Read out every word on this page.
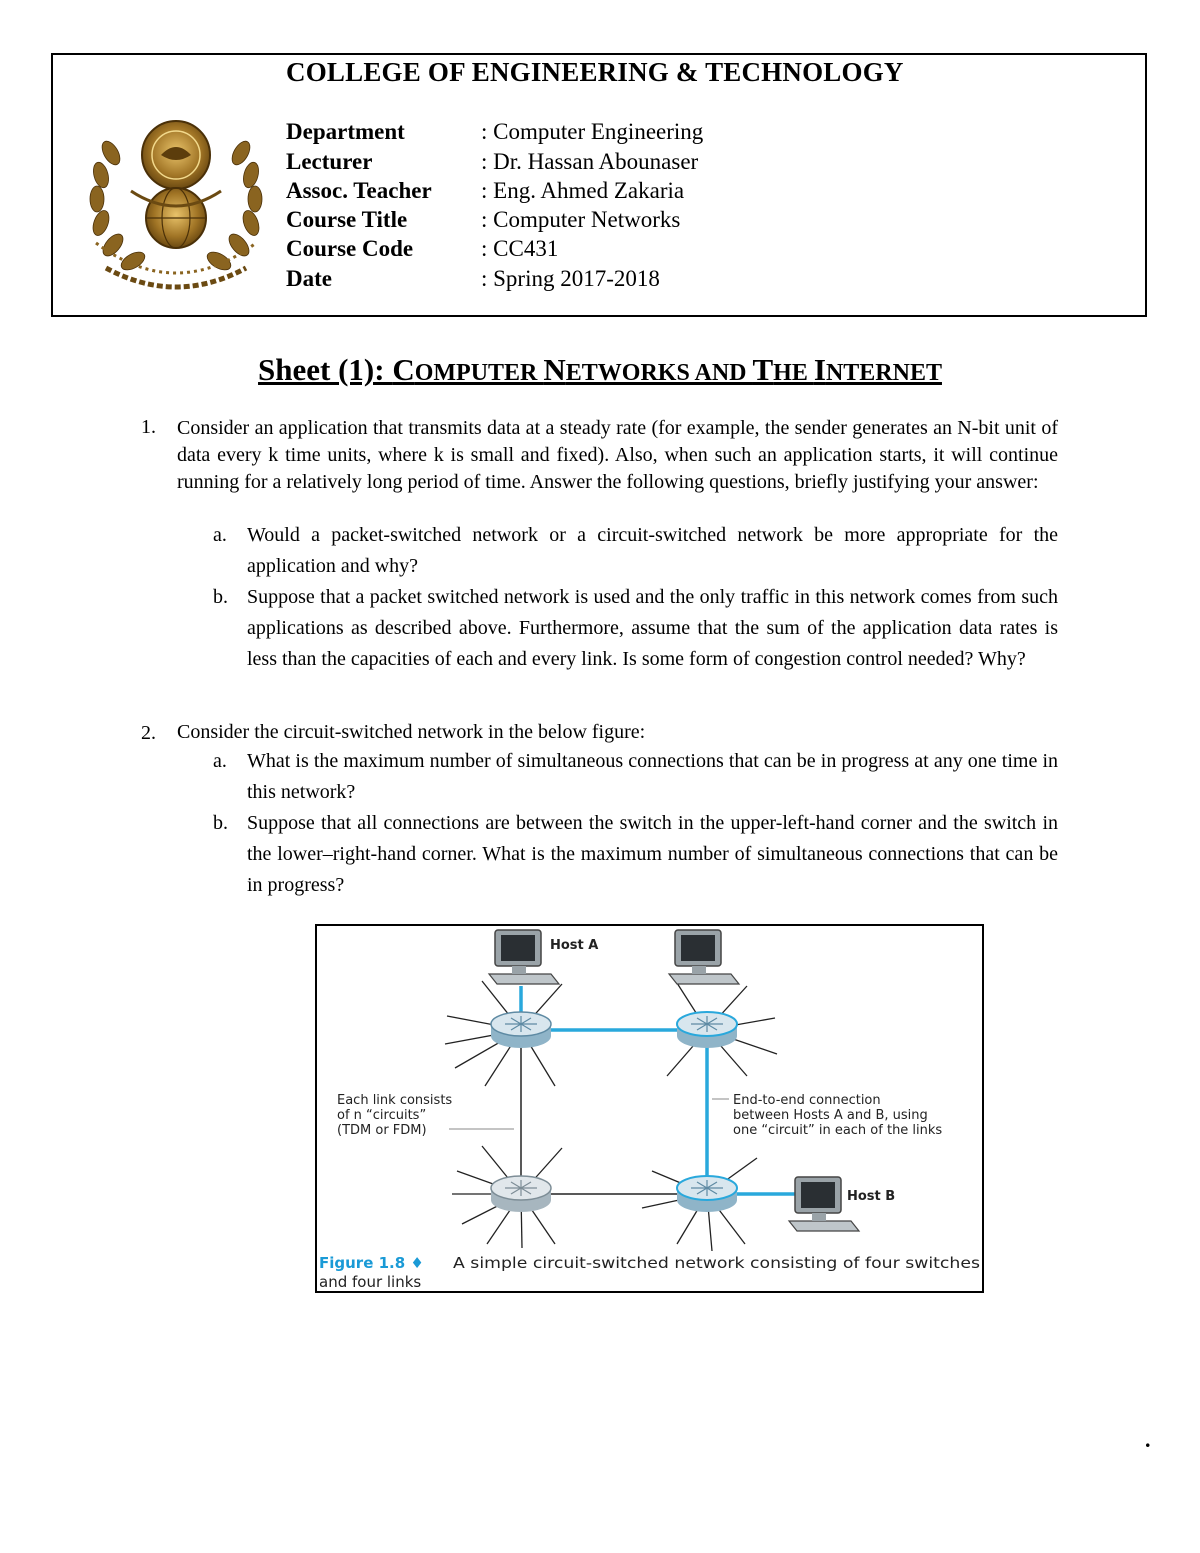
COLLEGE OF ENGINEERING & TECHNOLOGY
Department	: Computer Engineering
Lecturer	: Dr. Hassan Abounaser
Assoc. Teacher : Eng. Ahmed Zakaria
Course Title	: Computer Networks
Course Code	: CC431
Date	: Spring 2017-2018
Sheet (1): COMPUTER NETWORKS AND THE INTERNET
1. Consider an application that transmits data at a steady rate (for example, the sender generates an N-bit unit of data every k time units, where k is small and fixed). Also, when such an application starts, it will continue running for a relatively long period of time. Answer the following questions, briefly justifying your answer:
a. Would a packet-switched network or a circuit-switched network be more appropriate for the application and why?
b. Suppose that a packet switched network is used and the only traffic in this network comes from such applications as described above. Furthermore, assume that the sum of the application data rates is less than the capacities of each and every link. Is some form of congestion control needed? Why?
2. Consider the circuit-switched network in the below figure:
a. What is the maximum number of simultaneous connections that can be in progress at any one time in this network?
b. Suppose that all connections are between the switch in the upper-left-hand corner and the switch in the lower–right-hand corner. What is the maximum number of simultaneous connections that can be in progress?
Host A
Host B
Each link consists
of n “circuits”
(TDM or FDM)
End-to-end connection
between Hosts A and B, using
one “circuit” in each of the links
Figure 1.8 ♦ A simple circuit-switched network consisting of four switches
and four links
.
